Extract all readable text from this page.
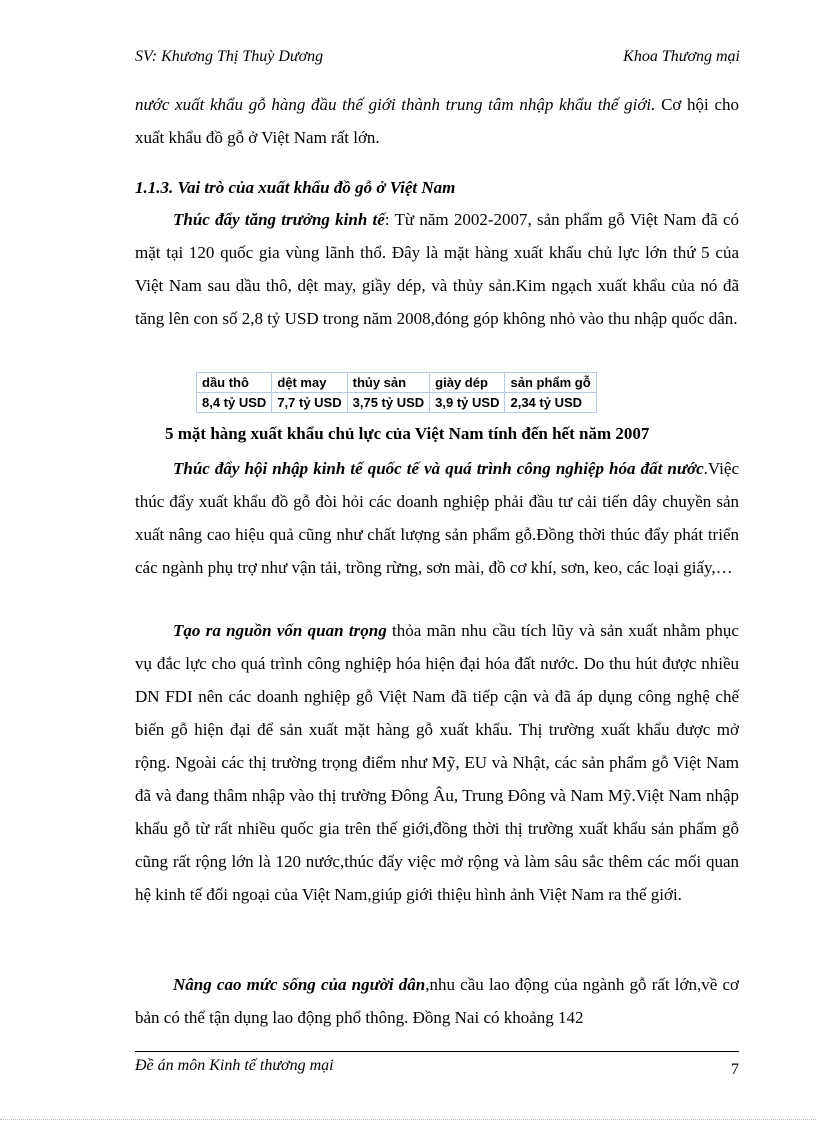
SV: Khương Thị Thuỳ Dương	Khoa Thương mại
nước xuất khẩu gỗ hàng đầu thế giới thành trung tâm nhập khẩu thế giới. Cơ hội cho xuất khẩu đồ gỗ ở Việt Nam rất lớn.
1.1.3. Vai trò của xuất khẩu đồ gỗ ở Việt Nam
Thúc đẩy tăng trưởng kinh tế: Từ năm 2002-2007, sản phẩm gỗ Việt Nam đã có mặt tại 120 quốc gia vùng lãnh thổ. Đây là mặt hàng xuất khẩu chủ lực lớn thứ 5 của Việt Nam sau dầu thô, dệt may, giầy dép, và thủy sản.Kim ngạch xuất khẩu của nó đã tăng lên con số 2,8 tỷ USD trong năm 2008,đóng góp không nhỏ vào thu nhập quốc dân.
dầu thô	dệt may	thủy sản	giày dép	sản phẩm gỗ
8,4 tỷ USD	7,7 tỷ USD	3,75 tỷ USD	3,9 tỷ USD	2,34 tỷ USD
5 mặt hàng xuất khẩu chủ lực của Việt Nam tính đến hết năm 2007
Thúc đẩy hội nhập kinh tế quốc tế và quá trình công nghiệp hóa đất nước.Việc thúc đẩy xuất khẩu đồ gỗ đòi hỏi các doanh nghiệp phải đầu tư cải tiến dây chuyền sản xuất nâng cao hiệu quả cũng như chất lượng sản phẩm gỗ.Đồng thời thúc đẩy phát triển các ngành phụ trợ như vận tải, trồng rừng, sơn mài, đồ cơ khí, sơn, keo, các loại giấy,…
Tạo ra nguồn vốn quan trọng thỏa mãn nhu cầu tích lũy và sản xuất nhằm phục vụ đắc lực cho quá trình công nghiệp hóa hiện đại hóa đất nước. Do thu hút được nhiều DN FDI nên các doanh nghiệp gỗ Việt Nam đã tiếp cận và đã áp dụng công nghệ chế biến gỗ hiện đại để sản xuất mặt hàng gỗ xuất khẩu. Thị trường xuất khẩu được mở rộng. Ngoài các thị trường trọng điểm như Mỹ, EU và Nhật, các sản phẩm gỗ Việt Nam đã và đang thâm nhập vào thị trường Đông Âu, Trung Đông và Nam Mỹ.Việt Nam nhập khẩu gỗ từ rất nhiều quốc gia trên thế giới,đồng thời thị trường xuất khẩu sản phẩm gỗ cũng rất rộng lớn là 120 nước,thúc đẩy việc mở rộng và làm sâu sắc thêm các mối quan hệ kinh tế đối ngoại của Việt Nam,giúp giới thiệu hình ảnh Việt Nam ra thế giới.
Nâng cao mức sống của người dân,nhu cầu lao động của ngành gỗ rất lớn,về cơ bản có thể tận dụng lao động phổ thông. Đồng Nai có khoảng 142
Đề án môn Kinh tế thương mại	7
